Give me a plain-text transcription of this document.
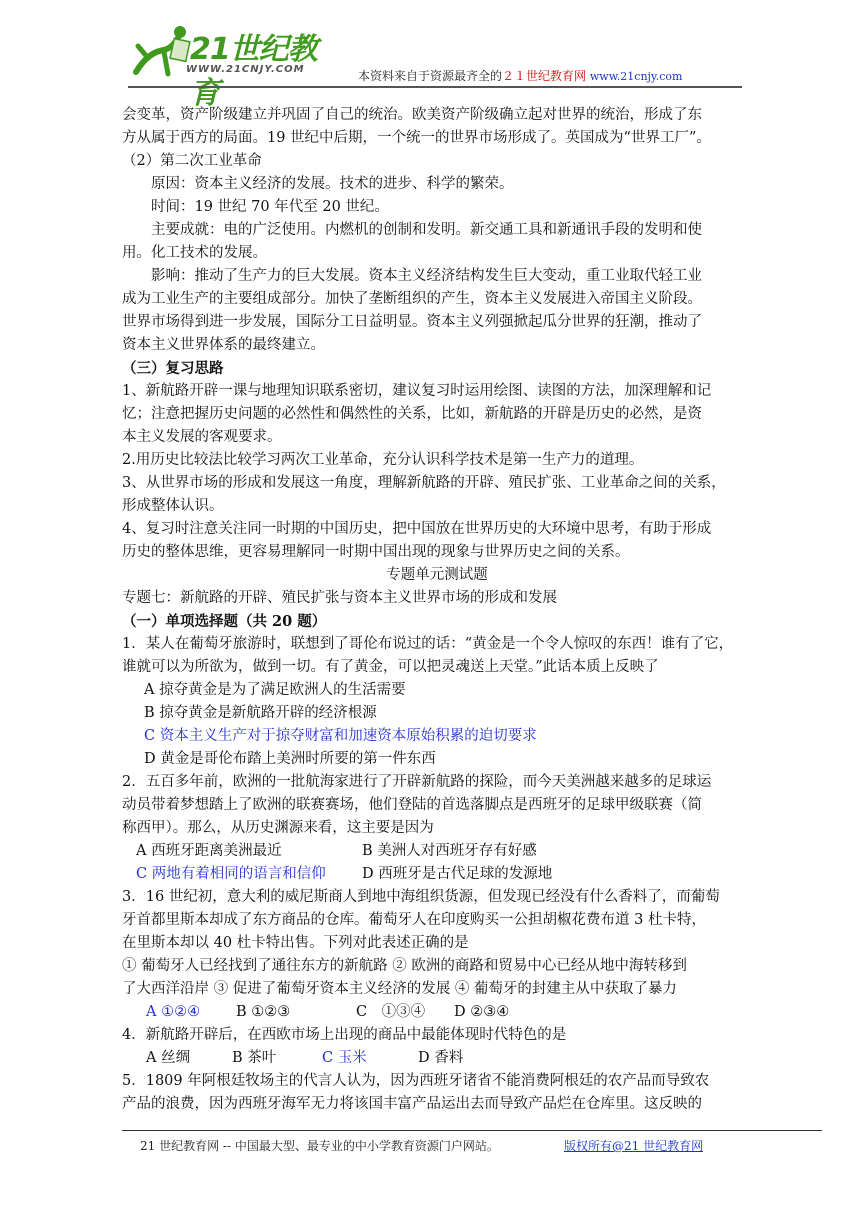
21世纪教育
WWW.21CNJY.COM	本资料来自于资源最齐全的２１世纪教育网 www.21cnjy.com

会变革，资产阶级建立并巩固了自己的统治。欧美资产阶级确立起对世界的统治，形成了东

方从属于西方的局面。19 世纪中后期，一个统一的世界市场形成了。英国成为“世界工厂”。

（2）第二次工业革命

原因：资本主义经济的发展。技术的进步、科学的繁荣。

时间：19 世纪 70 年代至 20 世纪。

主要成就：电的广泛使用。内燃机的创制和发明。新交通工具和新通讯手段的发明和使

用。化工技术的发展。

影响：推动了生产力的巨大发展。资本主义经济结构发生巨大变动，重工业取代轻工业

成为工业生产的主要组成部分。加快了垄断组织的产生，资本主义发展进入帝国主义阶段。

世界市场得到进一步发展，国际分工日益明显。资本主义列强掀起瓜分世界的狂潮，推动了

资本主义世界体系的最终建立。

（三）复习思路

1、新航路开辟一课与地理知识联系密切，建议复习时运用绘图、读图的方法，加深理解和记

忆；注意把握历史问题的必然性和偶然性的关系，比如，新航路的开辟是历史的必然，是资

本主义发展的客观要求。

2.用历史比较法比较学习两次工业革命，充分认识科学技术是第一生产力的道理。

3、从世界市场的形成和发展这一角度，理解新航路的开辟、殖民扩张、工业革命之间的关系，

形成整体认识。

4、复习时注意关注同一时期的中国历史，把中国放在世界历史的大环境中思考，有助于形成

历史的整体思维，更容易理解同一时期中国出现的现象与世界历史之间的关系。

专题单元测试题

专题七：新航路的开辟、殖民扩张与资本主义世界市场的形成和发展

（一）单项选择题（共 20 题）

1．某人在葡萄牙旅游时，联想到了哥伦布说过的话：“黄金是一个令人惊叹的东西！谁有了它，

谁就可以为所欲为，做到一切。有了黄金，可以把灵魂送上天堂。”此话本质上反映了

A 掠夺黄金是为了满足欧洲人的生活需要

B 掠夺黄金是新航路开辟的经济根源

C 资本主义生产对于掠夺财富和加速资本原始积累的迫切要求

D 黄金是哥伦布踏上美洲时所要的第一件东西

2．五百多年前，欧洲的一批航海家进行了开辟新航路的探险，而今天美洲越来越多的足球运

动员带着梦想踏上了欧洲的联赛赛场，他们登陆的首选落脚点是西班牙的足球甲级联赛（简

称西甲）。那么，从历史渊源来看，这主要是因为

A 西班牙距离美洲最近	B 美洲人对西班牙存有好感

C 两地有着相同的语言和信仰	D 西班牙是古代足球的发源地

3．16 世纪初，意大利的威尼斯商人到地中海组织货源，但发现已经没有什么香料了，而葡萄

牙首都里斯本却成了东方商品的仓库。葡萄牙人在印度购买一公担胡椒花费布道 3 杜卡特，

在里斯本却以 40 杜卡特出售。下列对此表述正确的是

① 葡萄牙人已经找到了通往东方的新航路 ② 欧洲的商路和贸易中心已经从地中海转移到

了大西洋沿岸 ③ 促进了葡萄牙资本主义经济的发展 ④ 葡萄牙的封建主从中获取了暴力

A ①②④ B ①②③	C　①③④ D ②③④

4．新航路开辟后，在西欧市场上出现的商品中最能体现时代特色的是

A 丝绸	B 茶叶	C 玉米	D 香料

5．1809 年阿根廷牧场主的代言人认为，因为西班牙诸省不能消费阿根廷的农产品而导致农

产品的浪费，因为西班牙海军无力将该国丰富产品运出去而导致产品烂在仓库里。这反映的

21 世纪教育网 -- 中国最大型、最专业的中小学教育资源门户网站。	版权所有@21 世纪教育网
